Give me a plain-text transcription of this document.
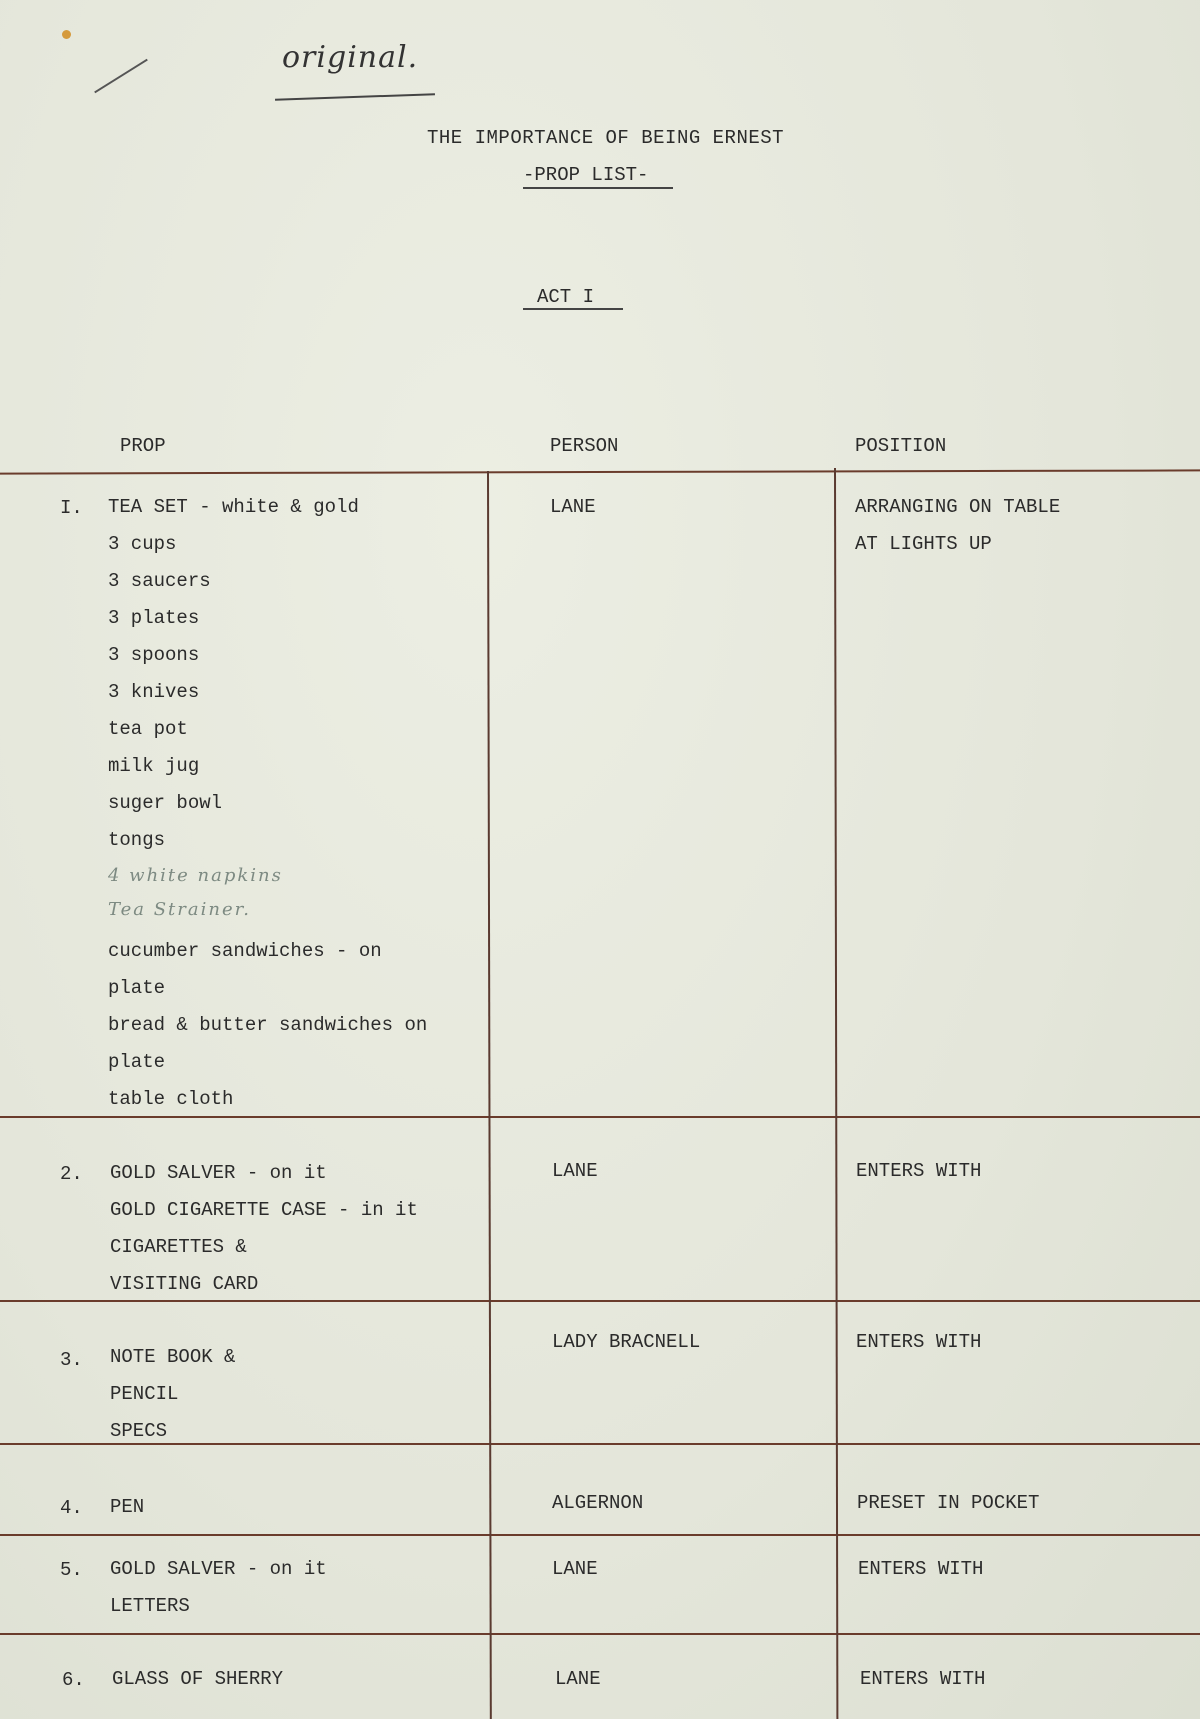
original.
THE IMPORTANCE OF BEING ERNEST
-PROP LIST-
ACT I
PROP	PERSON	POSITION
I. TEA SET - white & gold
3 cups
3 saucers
3 plates
3 spoons
3 knives
tea pot
milk jug
suger bowl
tongs
4 white napkins
Tea Strainer.
cucumber sandwiches - on
plate
bread & butter sandwiches on
plate
table cloth
LANE	ARRANGING ON TABLE
AT LIGHTS UP
2. GOLD SALVER - on it
GOLD CIGARETTE CASE - in it
CIGARETTES &
VISITING CARD
LANE	ENTERS WITH
3. NOTE BOOK &
PENCIL
SPECS
LADY BRACNELL	ENTERS WITH
4. PEN	ALGERNON	PRESET IN POCKET
5. GOLD SALVER - on it
LETTERS
LANE	ENTERS WITH
6. GLASS OF SHERRY	LANE	ENTERS WITH
